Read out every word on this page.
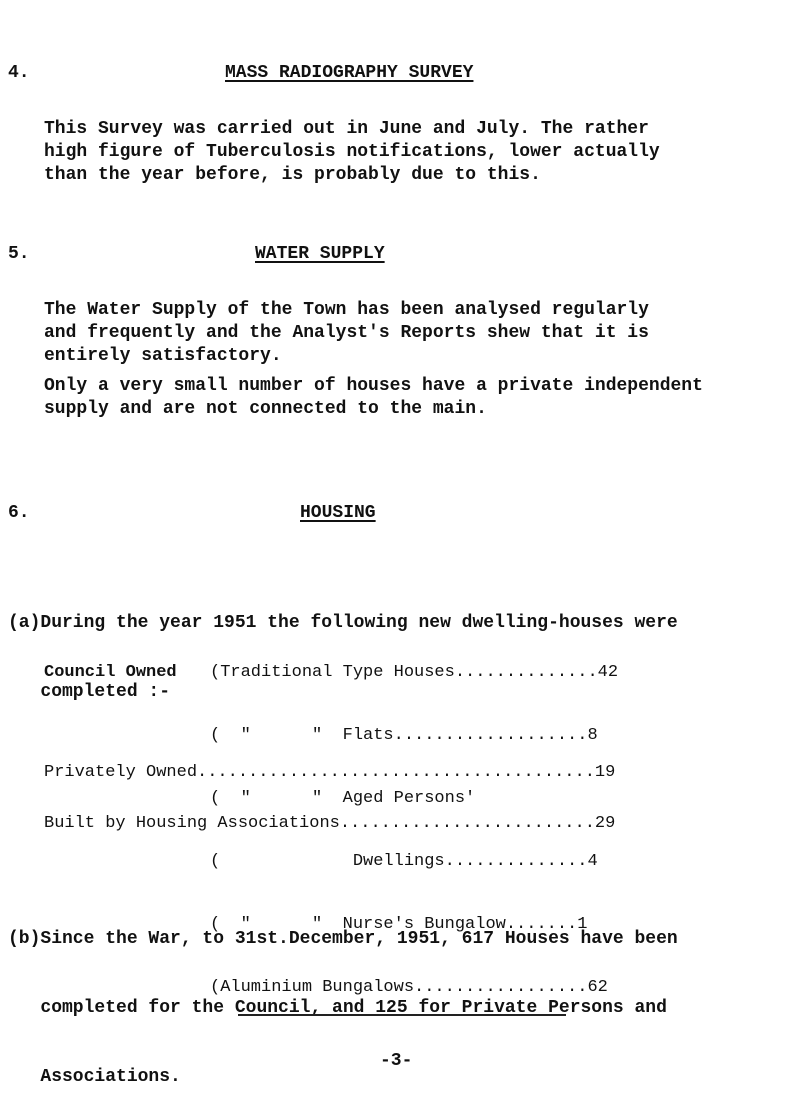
4.	MASS RADIOGRAPHY SURVEY

This Survey was carried out in June and July. The rather

high figure of Tuberculosis notifications, lower actually

than the year before, is probably due to this.

5.	WATER SUPPLY

The Water Supply of the Town has been analysed regularly

and frequently and the Analyst's Reports shew that it is

entirely satisfactory.

Only a very small number of houses have a private independent

supply and are not connected to the main.

6.	HOUSING

(a)During the year 1951 the following new dwelling-houses were

completed :-

Council Owned

(Traditional Type Houses..............42

(  "      "  Flats...................8

(  "      "  Aged Persons'

(             Dwellings..............4

(  "      "  Nurse's Bungalow.......1

(Aluminium Bungalows.................62

Privately Owned.......................................19
Built by Housing Associations.........................29

(b)Since the War, to 31st.December, 1951, 617 Houses have been

completed for the Council, and 125 for Private Persons and

Associations.

-3-
